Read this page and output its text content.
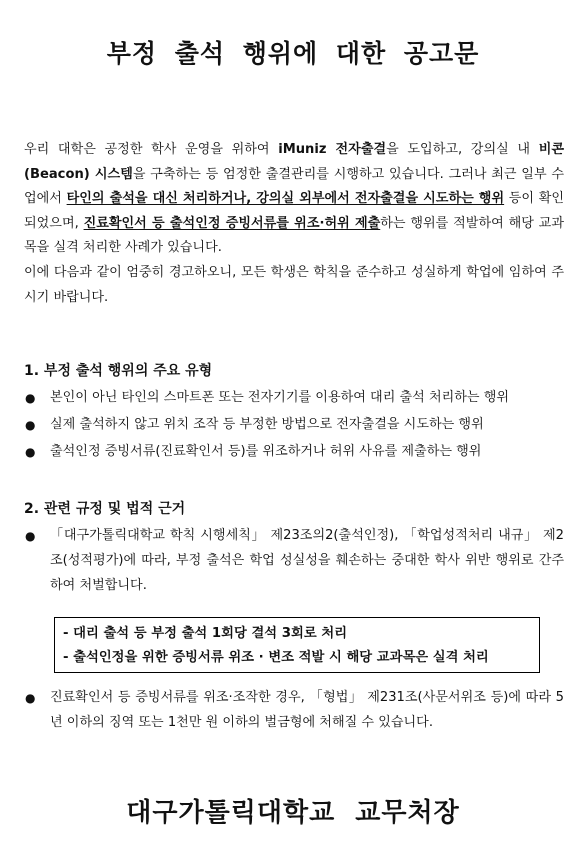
부정 출석 행위에 대한 공고문
우리 대학은 공정한 학사 운영을 위하여 iMuniz 전자출결을 도입하고, 강의실 내 비콘(Beacon) 시스템을 구축하는 등 엄정한 출결관리를 시행하고 있습니다. 그러나 최근 일부 수업에서 타인의 출석을 대신 처리하거나, 강의실 외부에서 전자출결을 시도하는 행위 등이 확인되었으며, 진료확인서 등 출석인정 증빙서류를 위조·허위 제출하는 행위를 적발하여 해당 교과목을 실격 처리한 사례가 있습니다.
이에 다음과 같이 엄중히 경고하오니, 모든 학생은 학칙을 준수하고 성실하게 학업에 임하여 주시기 바랍니다.
1. 부정 출석 행위의 주요 유형
● 본인이 아닌 타인의 스마트폰 또는 전자기기를 이용하여 대리 출석 처리하는 행위
● 실제 출석하지 않고 위치 조작 등 부정한 방법으로 전자출결을 시도하는 행위
● 출석인정 증빙서류(진료확인서 등)를 위조하거나 허위 사유를 제출하는 행위
2. 관련 규정 및 법적 근거
● 「대구가톨릭대학교 학칙 시행세칙」 제23조의2(출석인정), 「학업성적처리 내규」 제2조(성적평가)에 따라, 부정 출석은 학업 성실성을 훼손하는 중대한 학사 위반 행위로 간주하여 처벌합니다.
- 대리 출석 등 부정 출석 1회당 결석 3회로 처리
- 출석인정을 위한 증빙서류 위조 · 변조 적발 시 해당 교과목은 실격 처리
● 진료확인서 등 증빙서류를 위조·조작한 경우, 「형법」 제231조(사문서위조 등)에 따라 5년 이하의 징역 또는 1천만 원 이하의 벌금형에 처해질 수 있습니다.
대구가톨릭대학교 교무처장
